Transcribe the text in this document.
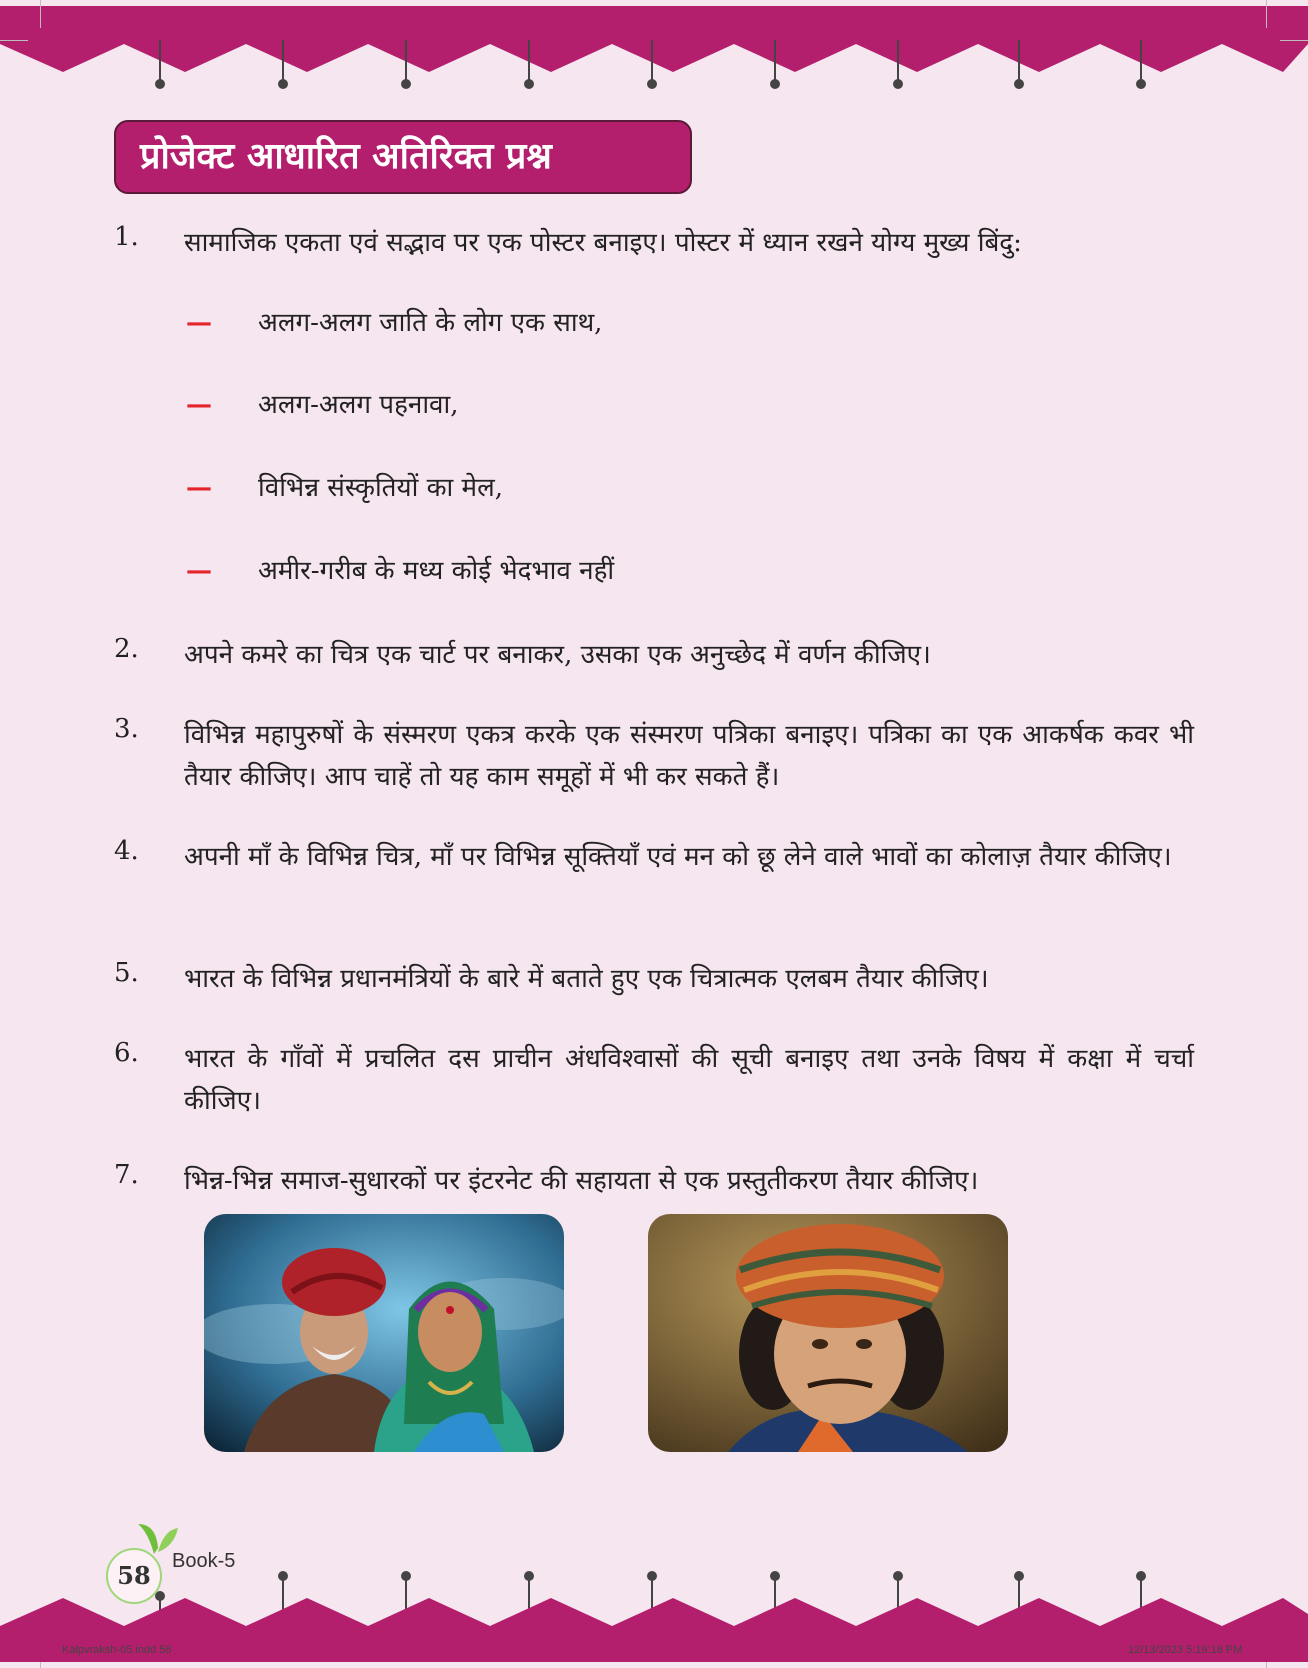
प्रोजेक्ट आधारित अतिरिक्त प्रश्न
1. सामाजिक एकता एवं सद्भाव पर एक पोस्टर बनाइए। पोस्टर में ध्यान रखने योग्य मुख्य बिंदु:
— अलग-अलग जाति के लोग एक साथ,
— अलग-अलग पहनावा,
— विभिन्न संस्कृतियों का मेल,
— अमीर-गरीब के मध्य कोई भेदभाव नहीं
2. अपने कमरे का चित्र एक चार्ट पर बनाकर, उसका एक अनुच्छेद में वर्णन कीजिए।
3. विभिन्न महापुरुषों के संस्मरण एकत्र करके एक संस्मरण पत्रिका बनाइए। पत्रिका का एक आकर्षक कवर भी तैयार कीजिए। आप चाहें तो यह काम समूहों में भी कर सकते हैं।
4. अपनी माँ के विभिन्न चित्र, माँ पर विभिन्न सूक्तियाँ एवं मन को छू लेने वाले भावों का कोलाज़ तैयार कीजिए।
5. भारत के विभिन्न प्रधानमंत्रियों के बारे में बताते हुए एक चित्रात्मक एलबम तैयार कीजिए।
6. भारत के गाँवों में प्रचलित दस प्राचीन अंधविश्वासों की सूची बनाइए तथा उनके विषय में कक्षा में चर्चा कीजिए।
7. भिन्न-भिन्न समाज-सुधारकों पर इंटरनेट की सहायता से एक प्रस्तुतीकरण तैयार कीजिए।
58	Book-5
Kalpvraksh-05.indd 58	12/13/2023 5:19:18 PM
